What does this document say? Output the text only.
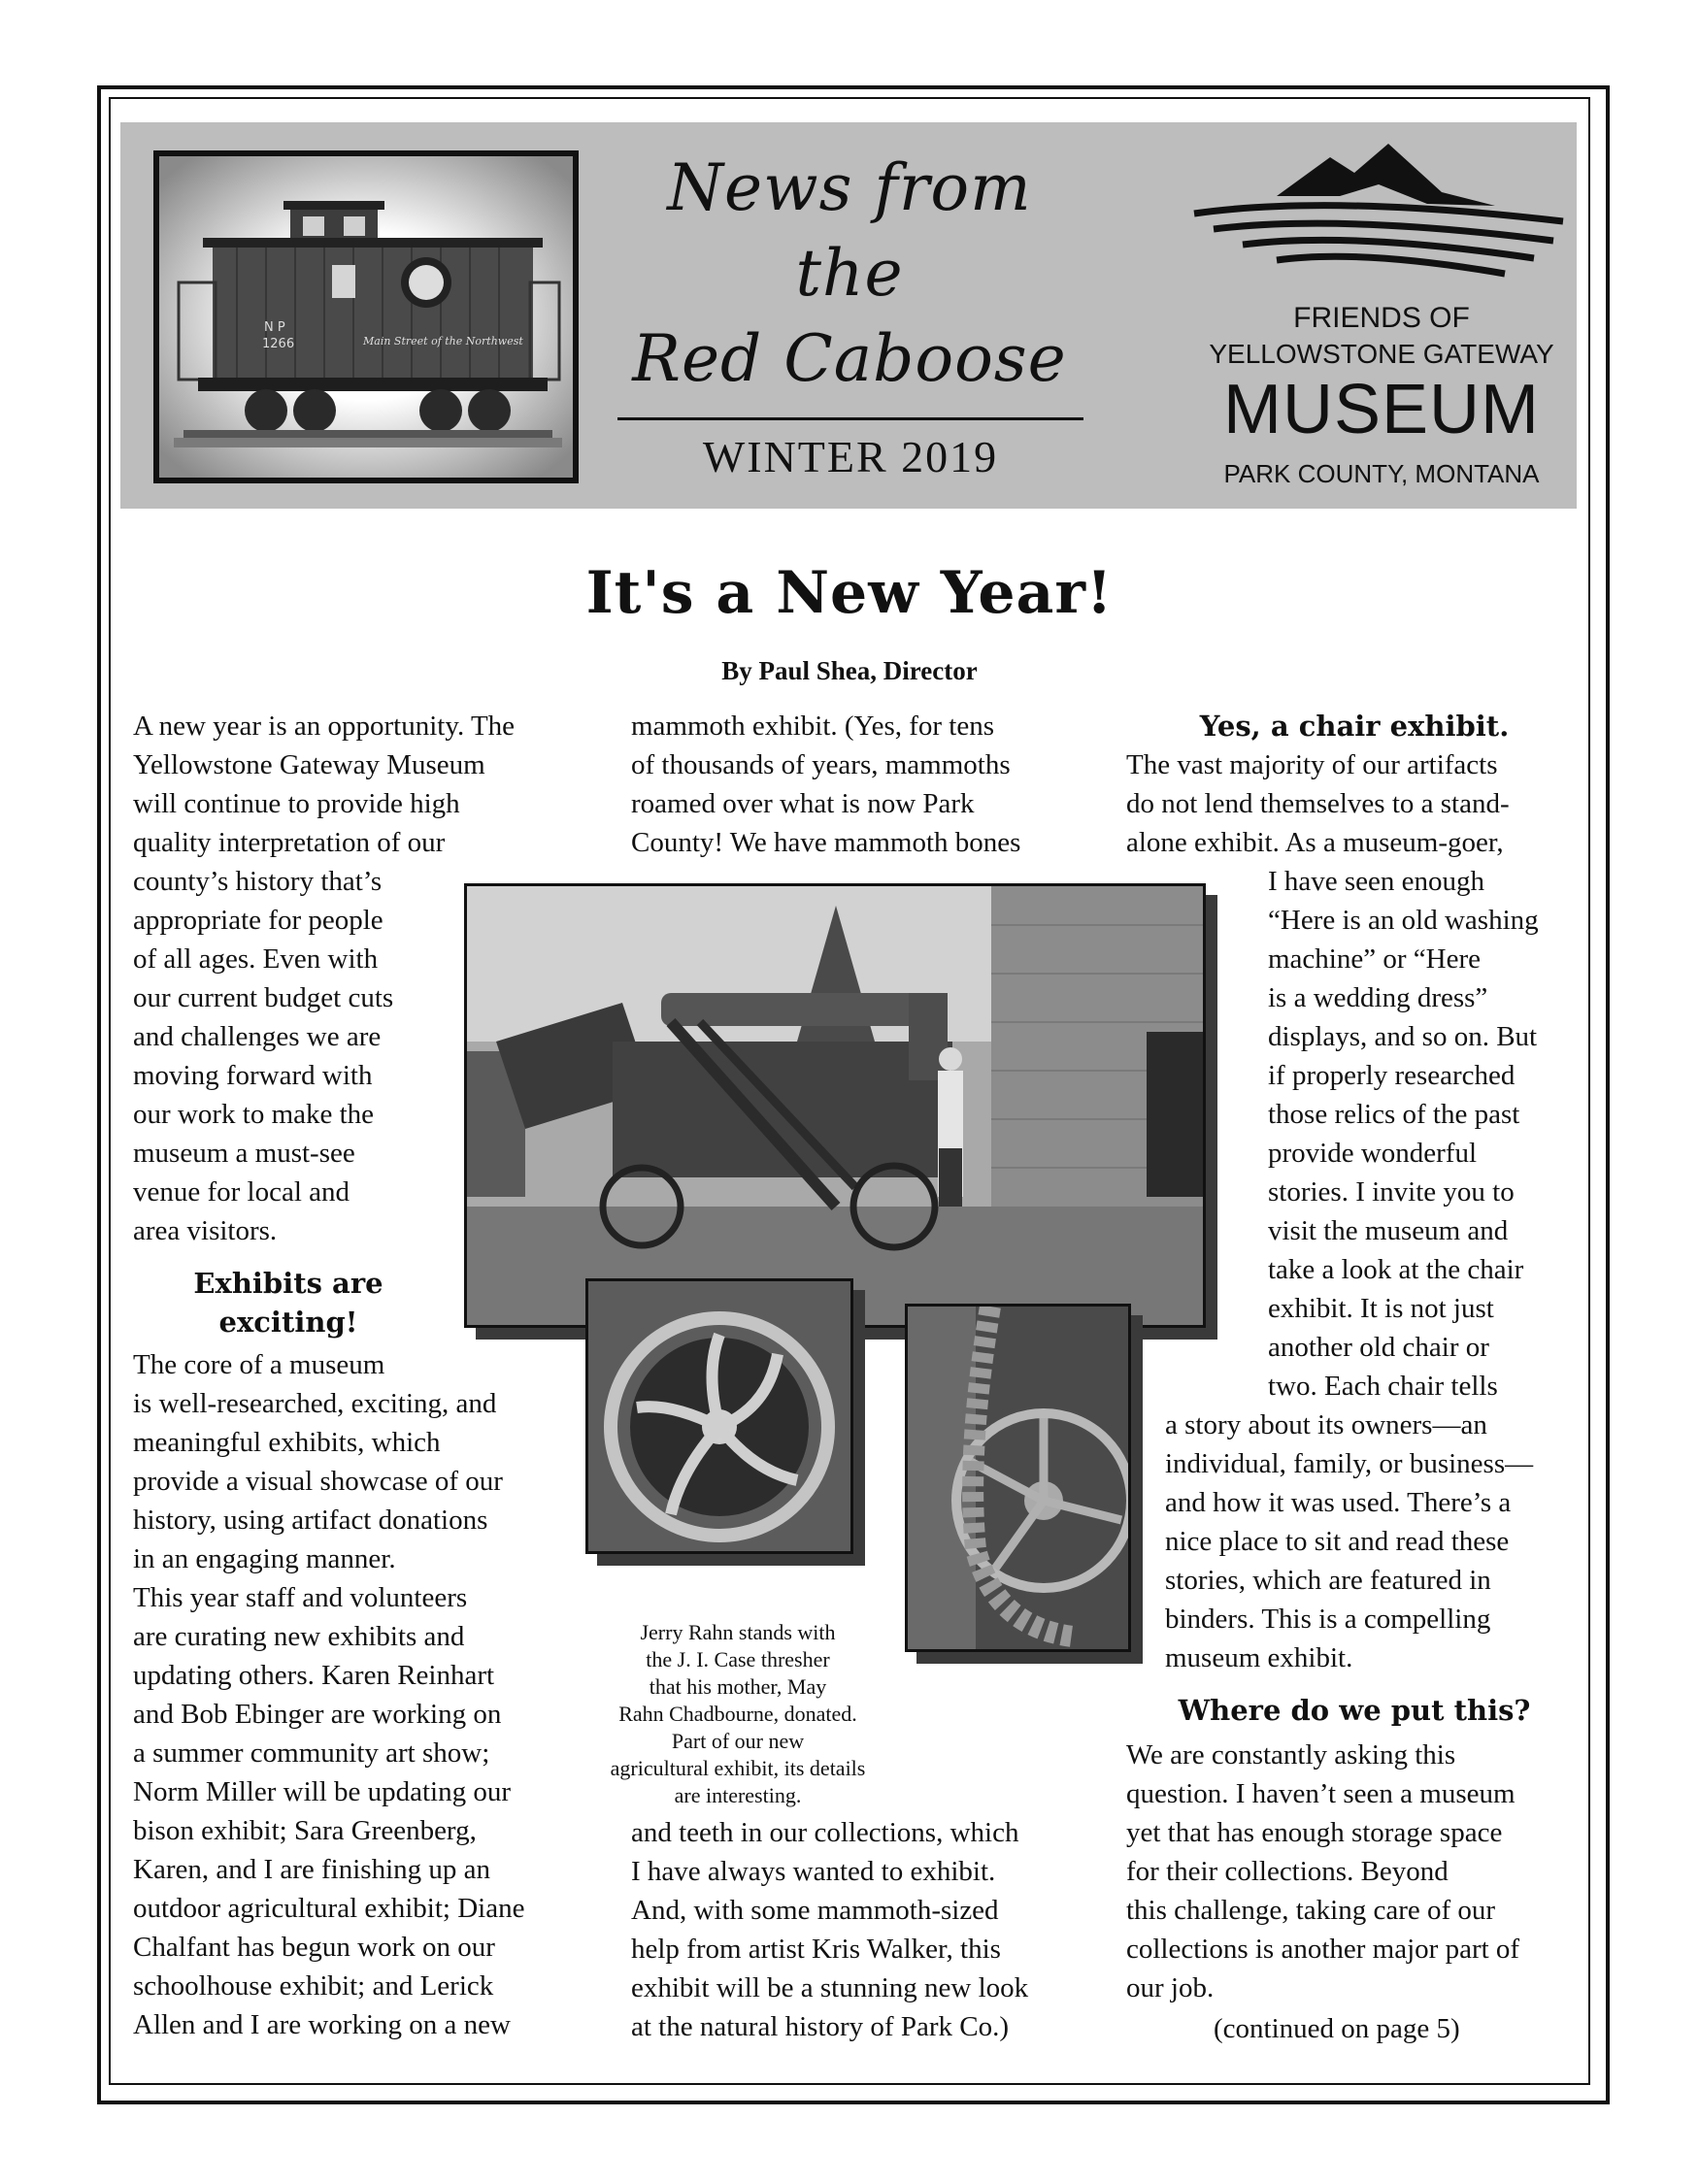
N P
1266	Main Street of the Northwest
News from
the
Red Caboose
WINTER 2019
FRIENDS OF
YELLOWSTONE GATEWAY
MUSEUM
PARK COUNTY, MONTANA
It's a New Year!
By Paul Shea, Director
A new year is an opportunity. The
Yellowstone Gateway Museum
will continue to provide high
quality interpretation of our
county’s history that’s
appropriate for people
of all ages. Even with
our current budget cuts
and challenges we are
moving forward with
our work to make the
museum a must-see
venue for local and
area visitors.
Exhibits are
exciting!
The core of a museum
is well-researched, exciting, and
meaningful exhibits, which
provide a visual showcase of our
history, using artifact donations
in an engaging manner.
This year staff and volunteers
are curating new exhibits and
updating others. Karen Reinhart
and Bob Ebinger are working on
a summer community art show;
Norm Miller will be updating our
bison exhibit; Sara Greenberg,
Karen, and I are finishing up an
outdoor agricultural exhibit; Diane
Chalfant has begun work on our
schoolhouse exhibit; and Lerick
Allen and I are working on a new
mammoth exhibit. (Yes, for tens
of thousands of years, mammoths
roamed over what is now Park
County! We have mammoth bones
and teeth in our collections, which
I have always wanted to exhibit.
And, with some mammoth-sized
help from artist Kris Walker, this
exhibit will be a stunning new look
at the natural history of Park Co.)

Jerry Rahn stands with
the J. I. Case thresher
that his mother, May
Rahn Chadbourne, donated. Part of our new
agricultural exhibit, its details are interesting.

Yes, a chair exhibit.
The vast majority of our artifacts
do not lend themselves to a stand-
alone exhibit. As a museum-goer,
I have seen enough
“Here is an old washing
machine” or “Here
is a wedding dress”
displays, and so on. But
if properly researched
those relics of the past
provide wonderful
stories. I invite you to
visit the museum and
take a look at the chair
exhibit. It is not just
another old chair or
two. Each chair tells
a story about its owners—an
individual, family, or business—
and how it was used. There’s a
nice place to sit and read these
stories, which are featured in
binders. This is a compelling
museum exhibit.
Where do we put this?
We are constantly asking this
question. I haven’t seen a museum
yet that has enough storage space
for their collections. Beyond
this challenge, taking care of our
collections is another major part of
our job.
(continued on page 5)
